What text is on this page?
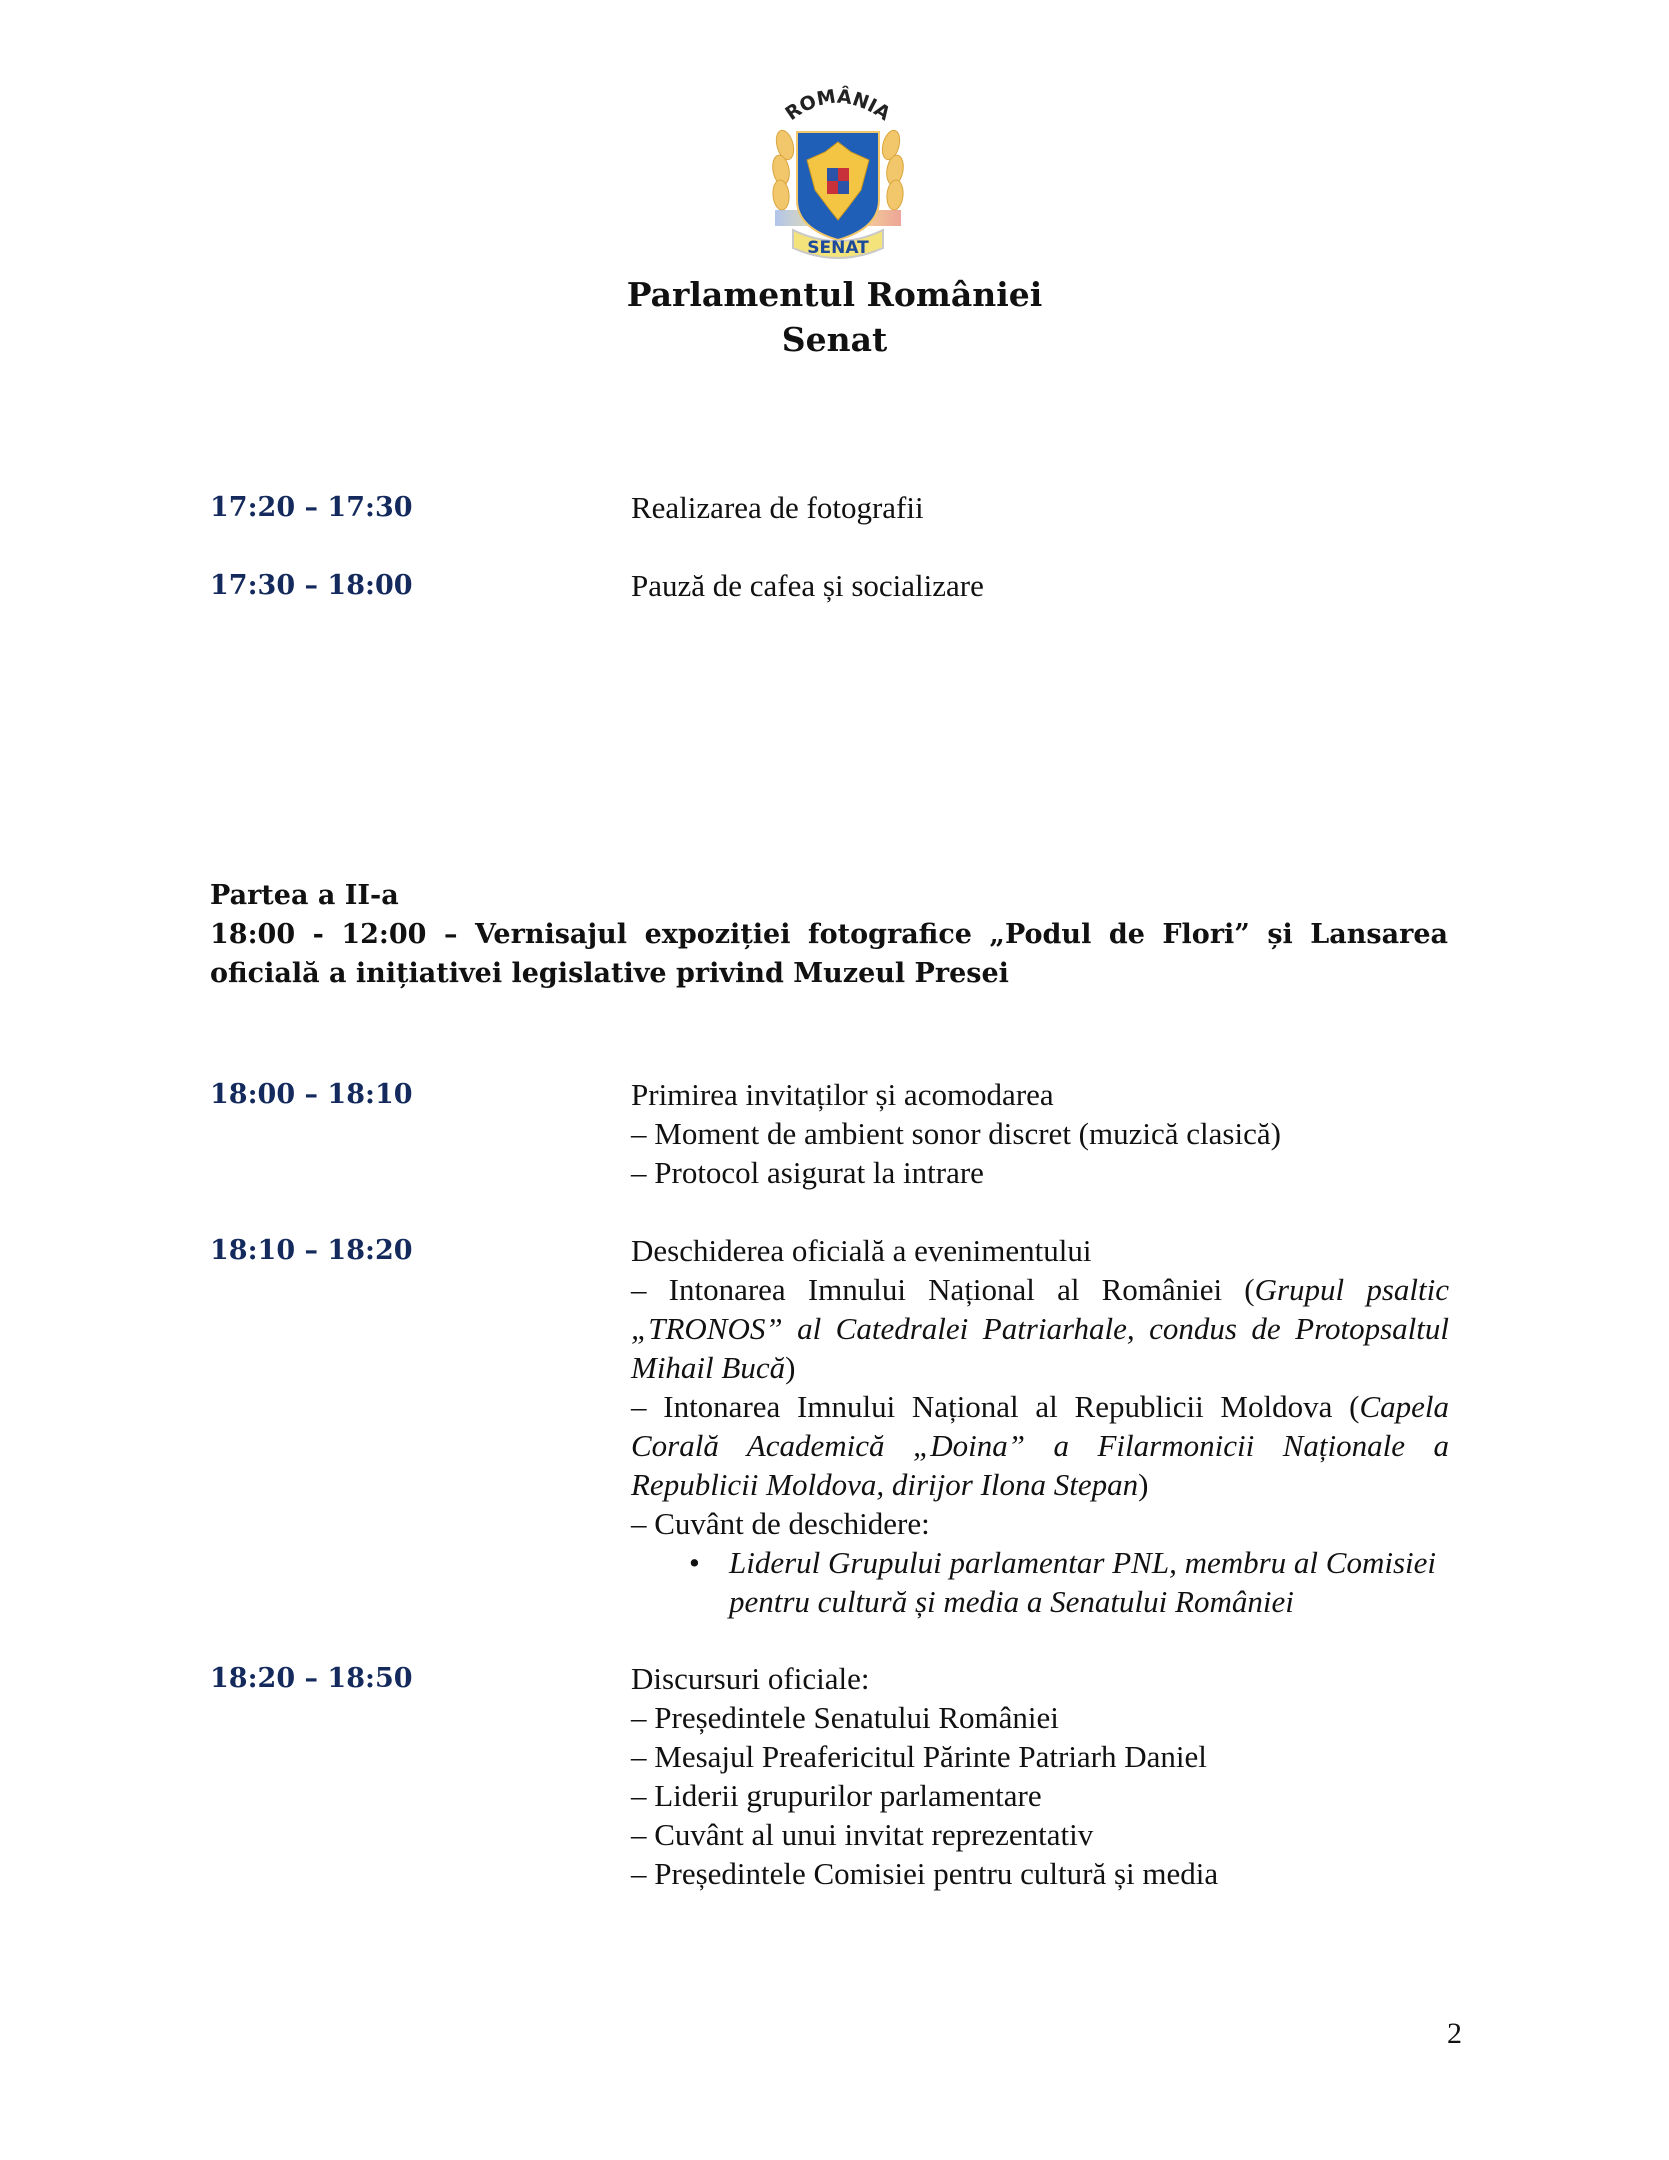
ROMÂNIA
SENAT
Parlamentul României
Senat
17:20 – 17:30	Realizarea de fotografii
17:30 – 18:00	Pauză de cafea și socializare
Partea a II-a
18:00 - 12:00 – Vernisajul expoziției fotografice „Podul de Flori” și Lansarea oficială a inițiativei legislative privind Muzeul Presei
18:00 – 18:10	Primirea invitaților și acomodarea
– Moment de ambient sonor discret (muzică clasică)
– Protocol asigurat la intrare
18:10 – 18:20	Deschiderea oficială a evenimentului
– Intonarea Imnului Național al României (Grupul psaltic „TRONOS” al Catedralei Patriarhale, condus de Protopsaltul Mihail Bucă)
– Intonarea Imnului Național al Republicii Moldova (Capela Corală Academică „Doina” a Filarmonicii Naționale a Republicii Moldova, dirijor Ilona Stepan)
– Cuvânt de deschidere:
• Liderul Grupului parlamentar PNL, membru al Comisiei pentru cultură și media a Senatului României
18:20 – 18:50	Discursuri oficiale:
– Președintele Senatului României
– Mesajul Preafericitul Părinte Patriarh Daniel
– Liderii grupurilor parlamentare
– Cuvânt al unui invitat reprezentativ
– Președintele Comisiei pentru cultură și media
2
